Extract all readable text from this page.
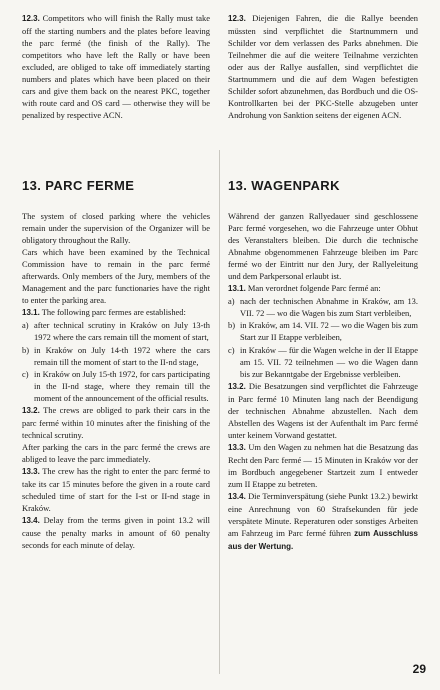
12.3. Competitors who will finish the Rally must take off the starting numbers and the plates before leaving the parc fermé (the finish of the Rally). The competitors who have left the Rally or have been excluded, are obliged to take off immediately starting numbers and plates which have been placed on their cars and give them back on the nearest PKC, together with route card and OS card — otherwise they will be penalized by respective ACN.

13. PARC FERME

The system of closed parking where the vehicles remain under the supervision of the Organizer will be obligatory throughout the Rally.

Cars which have been examined by the Technical Commission have to remain in the parc fermé afterwards. Only members of the Jury, members of the Management and the parc functionaries have the right to enter the parking area.

13.1. The following parc fermes are established:

a) after technical scrutiny in Kraków on July 13-th 1972 where the cars remain till the moment of start,
b) in Kraków on July 14-th 1972 where the cars remain till the moment of start to the II-nd stage,
c) in Kraków on July 15-th 1972, for cars participating in the II-nd stage, where they remain till the moment of the announcement of the official results.

13.2. The crews are obliged to park their cars in the parc fermé within 10 minutes after the finishing of the technical scrutiny.

After parking the cars in the parc fermé the crews are abliged to leave the parc immediately.

13.3. The crew has the right to enter the parc fermé to take its car 15 minutes before the given in a route card scheduled time of start for the I-st or II-nd stage in Kraków.

13.4. Delay from the terms given in point 13.2 will cause the penalty marks in amount of 60 penalty seconds for each minute of delay.

12.3. Diejenigen Fahren, die die Rallye beenden müssten sind verpflichtet die Startnummern und Schilder vor dem verlassen des Parks abnehmen. Die Teilnehmer die auf die weitere Teilnahme verzichten oder aus der Rallye ausfallen, sind verpflichtet die Startnummern und die auf dem Wagen befestigten Schilder sofort abzunehmen, das Bordbuch und die OS-Kontrollkarten bei der PKC-Stelle abzugeben unter Androhung von Sanktion seitens der eigenen ACN.

13. WAGENPARK

Während der ganzen Rallyedauer sind geschlossene Parc fermé vorgesehen, wo die Fahrzeuge unter Obhut des Veranstalters bleiben. Die durch die technische Abnahme obgenommenen Fahrzeuge bleiben im Parc fermé wo der Eintritt nur den Jury, der Rallyeleitung und dem Parkpersonal erlaubt ist.

13.1. Man verordnet folgende Parc fermé an:

a) nach der technischen Abnahme in Kraków, am 13. VII. 72 — wo die Wagen bis zum Start verbleiben,
b) in Kraków, am 14. VII. 72 — wo die Wagen bis zum Start zur II Etappe verbleiben,
c) in Kraków — für die Wagen welche in der II Etappe am 15. VII. 72 teilnehmen — wo die Wagen dann bis zur Bekanntgabe der Ergebnisse verbleiben.

13.2. Die Besatzungen sind verpflichtet die Fahrzeuge in Parc fermé 10 Minuten lang nach der Beendigung der technischen Abnahme abzustellen. Nach dem Abstellen des Wagens ist der Aufenthalt im Parc fermé unter keinem Vorwand gestattet.

13.3. Um den Wagen zu nehmen hat die Besatzung das Recht den Parc fermé — 15 Minuten in Kraków vor der im Bordbuch angegebener Startzeit zum I entweder zum II Etappe zu betreten.

13.4. Die Terminverspätung (siehe Punkt 13.2.) bewirkt eine Anrechnung von 60 Strafsekunden für jede verspätete Minute. Reperaturen oder sonstiges Arbeiten am Fahrzeug im Parc fermé führen zum Ausschluss aus der Wertung.

29
